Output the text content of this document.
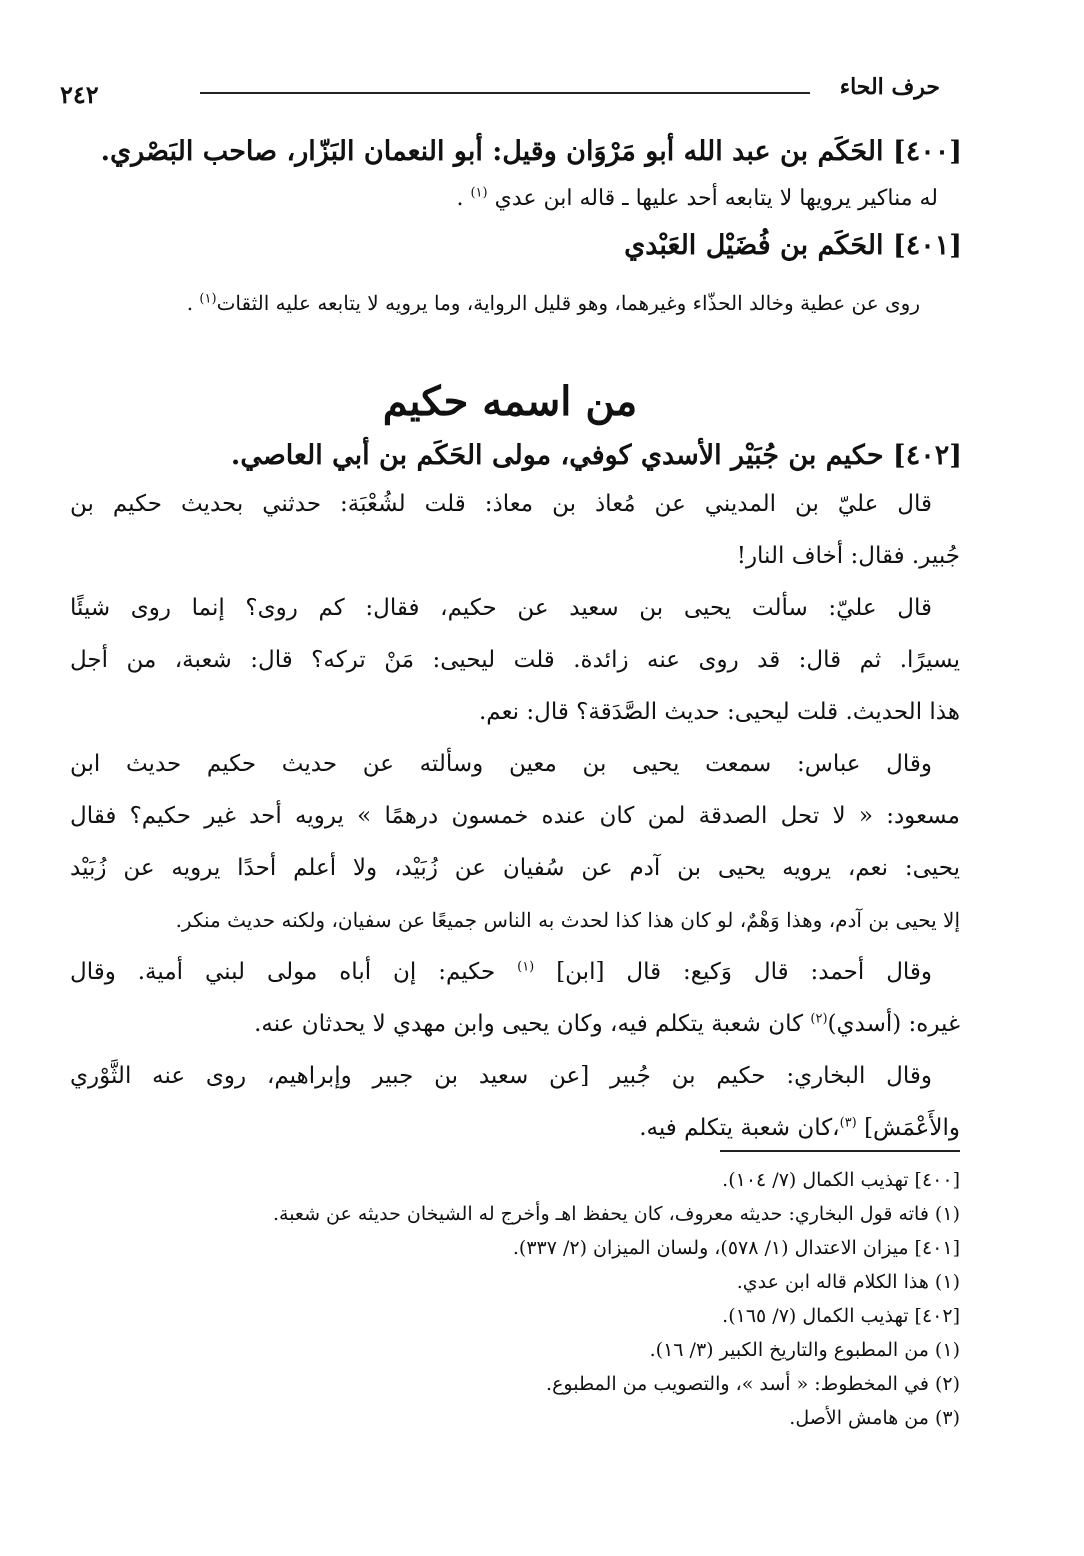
٢٤٢	حرف الحاء
[٤٠٠] الحَكَم بن عبد الله أبو مَرْوَان وقيل: أبو النعمان البَزّار، صاحب البَصْري.
له مناكير يرويها لا يتابعه أحد عليها ـ قاله ابن عدي $^{(١)}$ .
[٤٠١] الحَكَم بن فُضَيْل العَبْدي
روى عن عطية وخالد الحذّاء وغيرهما، وهو قليل الرواية، وما يرويه لا يتابعه عليه الثقات$^{(١)}$ .
من اسمه حكيم
[٤٠٢] حكيم بن جُبَيْر الأسدي كوفي، مولى الحَكَم بن أبي العاصي.
قال عليّ بن المديني عن مُعاذ بن معاذ: قلت لشُعْبَة: حدثني بحديث حكيم بن
جُبير. فقال: أخاف النار!
قال عليّ: سألت يحيى بن سعيد عن حكيم، فقال: كم روى؟ إنما روى شيئًا
يسيرًا. ثم قال: قد روى عنه زائدة. قلت ليحيى: مَنْ تركه؟ قال: شعبة، من أجل
هذا الحديث. قلت ليحيى: حديث الصَّدَقة؟ قال: نعم.
وقال عباس: سمعت يحيى بن معين وسألته عن حديث حكيم حديث ابن
مسعود: « لا تحل الصدقة لمن كان عنده خمسون درهمًا » يرويه أحد غير حكيم؟ فقال
يحيى: نعم، يرويه يحيى بن آدم عن سُفيان عن زُبَيْد، ولا أعلم أحدًا يرويه عن زُبَيْد
إلا يحيى بن آدم، وهذا وَهْمٌ، لو كان هذا كذا لحدث به الناس جميعًا عن سفيان، ولكنه حديث منكر.
وقال أحمد: قال وَكيع: قال [ابن] $^{(١)}$ حكيم: إن أباه مولى لبني أمية. وقال
غيره: (أسدي)$^{(٢)}$ كان شعبة يتكلم فيه، وكان يحيى وابن مهدي لا يحدثان عنه.
وقال البخاري: حكيم بن جُبير [عن سعيد بن جبير وإبراهيم، روى عنه الثَّوْري
والأَعْمَش] $^{(٣)}$،كان شعبة يتكلم فيه.
[٤٠٠] تهذيب الكمال (٧/ ١٠٤).
(١) فاته قول البخاري: حديثه معروف، كان يحفظ اهـ وأخرج له الشيخان حديثه عن شعبة.
[٤٠١] ميزان الاعتدال (١/ ٥٧٨)، ولسان الميزان (٢/ ٣٣٧).
(١) هذا الكلام قاله ابن عدي.
[٤٠٢] تهذيب الكمال (٧/ ١٦٥).
(١) من المطبوع والتاريخ الكبير (٣/ ١٦).
(٢) في المخطوط: « أسد »، والتصويب من المطبوع.
(٣) من هامش الأصل.
